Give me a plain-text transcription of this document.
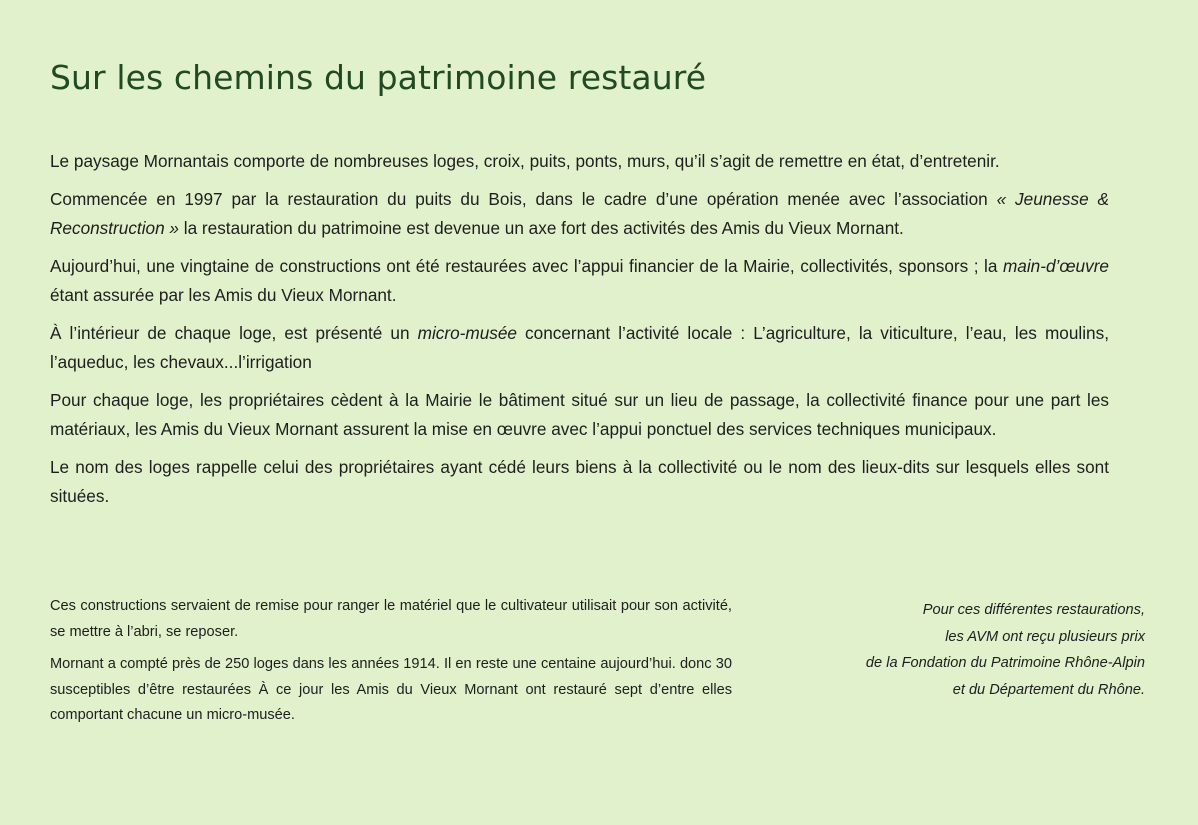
Sur les chemins du patrimoine restauré

Le paysage Mornantais comporte de nombreuses loges, croix, puits, ponts, murs, qu’il s’agit de remettre en état, d’entretenir.

Commencée en 1997 par la restauration du puits du Bois, dans le cadre d’une opération menée avec l’association « Jeunesse & Reconstruction » la restauration du patrimoine est devenue un axe fort des activités des Amis du Vieux Mornant.

Aujourd’hui, une vingtaine de constructions ont été restaurées avec l’appui financier de la Mairie, collectivités, sponsors ; la main-d’œuvre étant assurée par les Amis du Vieux Mornant.

À l’intérieur de chaque loge, est présenté un micro-musée concernant l’activité locale : L’agriculture, la viticulture, l’eau, les moulins, l’aqueduc, les chevaux...l’irrigation

Pour chaque loge, les propriétaires cèdent à la Mairie le bâtiment situé sur un lieu de passage, la collectivité finance pour une part les matériaux, les Amis du Vieux Mornant assurent la mise en œuvre avec l’appui ponctuel des services techniques municipaux.

Le nom des loges rappelle celui des propriétaires ayant cédé leurs biens à la collectivité ou le nom des lieux-dits sur lesquels elles sont situées.

Ces constructions servaient de remise pour ranger le matériel que le cultivateur utilisait pour son activité, se mettre à l’abri, se reposer.

Mornant a compté près de 250 loges dans les années 1914. Il en reste une centaine aujourd’hui. donc 30 susceptibles d’être restaurées À ce jour les Amis du Vieux Mornant ont restauré sept d’entre elles comportant chacune un micro-musée.

Pour ces différentes restaurations,
les AVM ont reçu plusieurs prix
de la Fondation du Patrimoine Rhône-Alpin
et du Département du Rhône.
